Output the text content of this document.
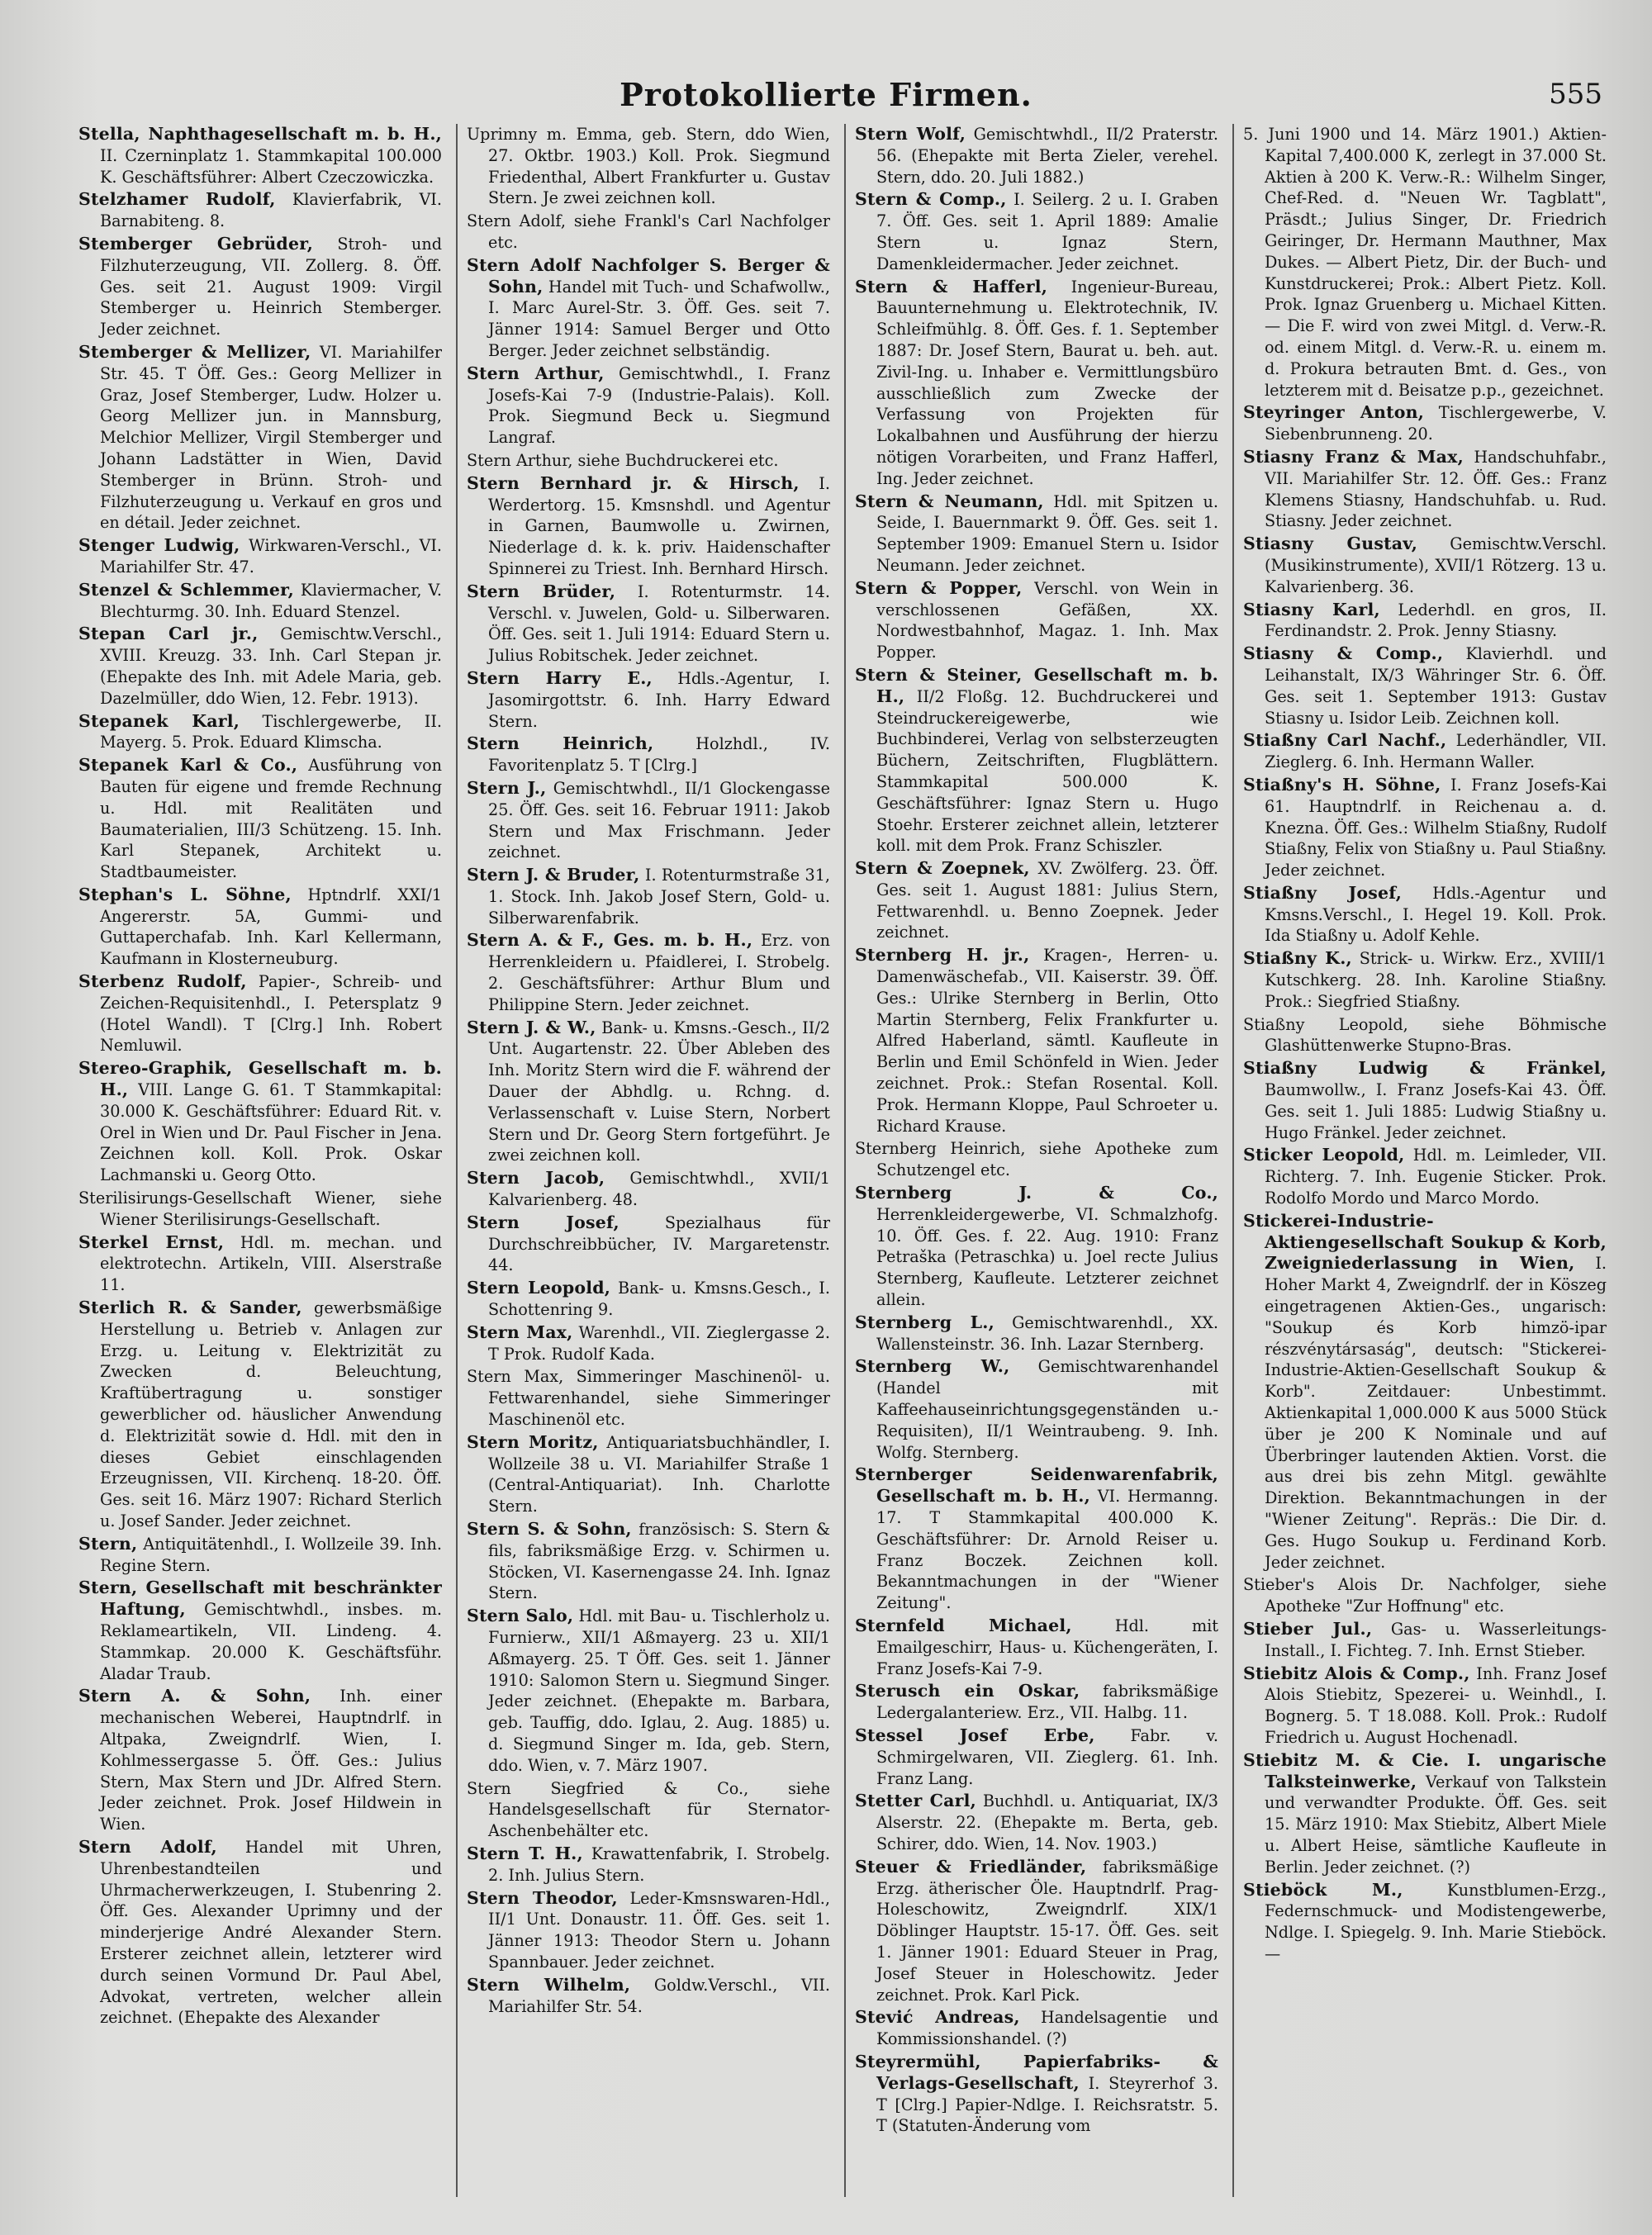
Protokollierte Firmen.	555

Stella, Naphthagesellschaft m. b. H., II. Czerninplatz 1. Stammkapital 100.000 K. Geschäftsführer: Albert Czeczowiczka.

Stelzhamer Rudolf, Klavierfabrik, VI. Barnabiteng. 8.

Stemberger Gebrüder, Stroh- und Filzhuterzeugung, VII. Zollerg. 8. Öff. Ges. seit 21. August 1909: Virgil Stemberger u. Heinrich Stemberger. Jeder zeichnet.

Stemberger & Mellizer, VI. Mariahilfer Str. 45. T Öff. Ges.: Georg Mellizer in Graz, Josef Stemberger, Ludw. Holzer u. Georg Mellizer jun. in Mannsburg, Melchior Mellizer, Virgil Stemberger und Johann Ladstätter in Wien, David Stemberger in Brünn. Stroh- und Filzhuterzeugung u. Verkauf en gros und en détail. Jeder zeichnet.

Stenger Ludwig, Wirkwaren-Verschl., VI. Mariahilfer Str. 47.

Stenzel & Schlemmer, Klaviermacher, V. Blechturmg. 30. Inh. Eduard Stenzel.

Stepan Carl jr., Gemischtw.Verschl., XVIII. Kreuzg. 33. Inh. Carl Stepan jr. (Ehepakte des Inh. mit Adele Maria, geb. Dazelmüller, ddo Wien, 12. Febr. 1913).

Stepanek Karl, Tischlergewerbe, II. Mayerg. 5. Prok. Eduard Klimscha.

Stepanek Karl & Co., Ausführung von Bauten für eigene und fremde Rechnung u. Hdl. mit Realitäten und Baumaterialien, III/3 Schützeng. 15. Inh. Karl Stepanek, Architekt u. Stadtbaumeister.

Stephan's L. Söhne, Hptndrlf. XXI/1 Angererstr. 5A, Gummi- und Guttaperchafab. Inh. Karl Kellermann, Kaufmann in Klosterneuburg.

Sterbenz Rudolf, Papier-, Schreib- und Zeichen-Requisitenhdl., I. Petersplatz 9 (Hotel Wandl). T [Clrg.] Inh. Robert Nemluwil.

Stereo-Graphik, Gesellschaft m. b. H., VIII. Lange G. 61. T Stammkapital: 30.000 K. Geschäftsführer: Eduard Rit. v. Orel in Wien und Dr. Paul Fischer in Jena. Zeichnen koll. Koll. Prok. Oskar Lachmanski u. Georg Otto.

Sterilisirungs-Gesellschaft Wiener, siehe Wiener Sterilisirungs-Gesellschaft.

Sterkel Ernst, Hdl. m. mechan. und elektrotechn. Artikeln, VIII. Alserstraße 11.

Sterlich R. & Sander, gewerbsmäßige Herstellung u. Betrieb v. Anlagen zur Erzg. u. Leitung v. Elektrizität zu Zwecken d. Beleuchtung, Kraftübertragung u. sonstiger gewerblicher od. häuslicher Anwendung d. Elektrizität sowie d. Hdl. mit den in dieses Gebiet einschlagenden Erzeugnissen, VII. Kirchenq. 18-20. Öff. Ges. seit 16. März 1907: Richard Sterlich u. Josef Sander. Jeder zeichnet.

Stern, Antiquitätenhdl., I. Wollzeile 39. Inh. Regine Stern.

Stern, Gesellschaft mit beschränkter Haftung, Gemischtwhdl., insbes. m. Reklameartikeln, VII. Lindeng. 4. Stammkap. 20.000 K. Geschäftsführ. Aladar Traub.

Stern A. & Sohn, Inh. einer mechanischen Weberei, Hauptndrlf. in Altpaka, Zweigndrlf. Wien, I. Kohlmessergasse 5. Öff. Ges.: Julius Stern, Max Stern und JDr. Alfred Stern. Jeder zeichnet. Prok. Josef Hildwein in Wien.

Stern Adolf, Handel mit Uhren, Uhrenbestandteilen und Uhrmacherwerkzeugen, I. Stubenring 2. Öff. Ges. Alexander Uprimny und der minderjerige André Alexander Stern. Ersterer zeichnet allein, letzterer wird durch seinen Vormund Dr. Paul Abel, Advokat, vertreten, welcher allein zeichnet. (Ehepakte des Alexander

Uprimny m. Emma, geb. Stern, ddo Wien, 27. Oktbr. 1903.) Koll. Prok. Siegmund Friedenthal, Albert Frankfurter u. Gustav Stern. Je zwei zeichnen koll.

Stern Adolf, siehe Frankl's Carl Nachfolger etc.

Stern Adolf Nachfolger S. Berger & Sohn, Handel mit Tuch- und Schafwollw., I. Marc Aurel-Str. 3. Öff. Ges. seit 7. Jänner 1914: Samuel Berger und Otto Berger. Jeder zeichnet selbständig.

Stern Arthur, Gemischtwhdl., I. Franz Josefs-Kai 7-9 (Industrie-Palais). Koll. Prok. Siegmund Beck u. Siegmund Langraf.

Stern Arthur, siehe Buchdruckerei etc.

Stern Bernhard jr. & Hirsch, I. Werdertorg. 15. Kmsnshdl. und Agentur in Garnen, Baumwolle u. Zwirnen, Niederlage d. k. k. priv. Haidenschafter Spinnerei zu Triest. Inh. Bernhard Hirsch.

Stern Brüder, I. Rotenturmstr. 14. Verschl. v. Juwelen, Gold- u. Silberwaren. Öff. Ges. seit 1. Juli 1914: Eduard Stern u. Julius Robitschek. Jeder zeichnet.

Stern Harry E., Hdls.-Agentur, I. Jasomirgottstr. 6. Inh. Harry Edward Stern.

Stern Heinrich,	Holzhdl., IV. Favoritenplatz 5. T [Clrg.]

Stern J., Gemischtwhdl., II/1 Glockengasse 25. Öff. Ges. seit 16. Februar 1911: Jakob Stern und Max Frischmann. Jeder zeichnet.

Stern J. & Bruder, I. Rotenturmstraße 31, 1. Stock. Inh. Jakob Josef Stern, Gold- u. Silberwarenfabrik.

Stern A. & F., Ges. m. b. H., Erz. von Herrenkleidern u. Pfaidlerei, I. Strobelg. 2. Geschäftsführer: Arthur Blum und Philippine Stern. Jeder zeichnet.

Stern J. & W., Bank- u. Kmsns.-Gesch., II/2 Unt. Augartenstr. 22. Über Ableben des Inh. Moritz Stern wird die F. während der Dauer der Abhdlg. u. Rchng. d. Verlassenschaft v. Luise Stern, Norbert Stern und Dr. Georg Stern fortgeführt. Je zwei zeichnen koll.

Stern Jacob, Gemischtwhdl., XVII/1 Kalvarienberg. 48.

Stern Josef,	Spezialhaus für Durchschreibbücher, IV. Margaretenstr. 44.

Stern Leopold, Bank- u. Kmsns.Gesch., I. Schottenring 9.

Stern Max, Warenhdl., VII. Zieglergasse 2. T Prok. Rudolf Kada.

Stern Max, Simmeringer Maschinenöl- u. Fettwarenhandel, siehe Simmeringer Maschinenöl etc.

Stern Moritz, Antiquariatsbuchhändler, I. Wollzeile 38 u. VI. Mariahilfer Straße 1 (Central-Antiquariat). Inh. Charlotte Stern.

Stern S. & Sohn, französisch: S. Stern & fils, fabriksmäßige Erzg. v. Schirmen u. Stöcken, VI. Kasernengasse 24. Inh. Ignaz Stern.

Stern Salo, Hdl. mit Bau- u. Tischlerholz u. Furnierw., XII/1 Aßmayerg. 23 u. XII/1 Aßmayerg. 25. T Öff. Ges. seit 1. Jänner 1910: Salomon Stern u. Siegmund Singer. Jeder zeichnet. (Ehepakte m. Barbara, geb. Tauffig, ddo. Iglau, 2. Aug. 1885) u. d. Siegmund Singer m. Ida, geb. Stern, ddo. Wien, v. 7. März 1907.

Stern Siegfried & Co., siehe Handelsgesellschaft für Sternator-Aschenbehälter etc.

Stern T. H., Krawattenfabrik, I. Strobelg. 2. Inh. Julius Stern.

Stern Theodor, Leder-Kmsnswaren-Hdl., II/1 Unt. Donaustr. 11. Öff. Ges. seit 1. Jänner 1913: Theodor Stern u. Johann Spannbauer. Jeder zeichnet.

Stern Wilhelm, Goldw.Verschl., VII. Mariahilfer Str. 54.

Stern Wolf, Gemischtwhdl., II/2 Praterstr. 56. (Ehepakte mit Berta Zieler, verehel. Stern, ddo. 20. Juli 1882.)

Stern & Comp., I. Seilerg. 2 u. I. Graben 7. Öff. Ges. seit 1. April 1889: Amalie Stern u. Ignaz Stern, Damenkleidermacher. Jeder zeichnet.

Stern & Hafferl, Ingenieur-Bureau, Bauunternehmung u. Elektrotechnik, IV. Schleifmühlg. 8. Öff. Ges. f. 1. September 1887: Dr. Josef Stern, Baurat u. beh. aut. Zivil-Ing. u. Inhaber e. Vermittlungsbüro ausschließlich zum Zwecke der Verfassung von Projekten für Lokalbahnen und Ausführung der hierzu nötigen Vorarbeiten, und Franz Hafferl, Ing. Jeder zeichnet.

Stern & Neumann, Hdl. mit Spitzen u. Seide, I. Bauernmarkt 9. Öff. Ges. seit 1. September 1909: Emanuel Stern u. Isidor Neumann. Jeder zeichnet.

Stern & Popper, Verschl. von Wein in verschlossenen Gefäßen, XX. Nordwestbahnhof, Magaz. 1. Inh. Max Popper.

Stern & Steiner, Gesellschaft m. b. H., II/2 Floßg. 12. Buchdruckerei und Steindruckereigewerbe, wie Buchbinderei, Verlag von selbsterzeugten Büchern, Zeitschriften, Flugblättern. Stammkapital 500.000 K. Geschäftsführer: Ignaz Stern u. Hugo Stoehr. Ersterer zeichnet allein, letzterer koll. mit dem Prok. Franz Schiszler.

Stern & Zoepnek, XV. Zwölferg. 23. Öff. Ges. seit 1. August 1881: Julius Stern, Fettwarenhdl. u. Benno Zoepnek. Jeder zeichnet.

Sternberg H. jr., Kragen-, Herren- u. Damenwäschefab., VII. Kaiserstr. 39. Öff. Ges.: Ulrike Sternberg in Berlin, Otto Martin Sternberg, Felix Frankfurter u. Alfred Haberland, sämtl. Kaufleute in Berlin und Emil Schönfeld in Wien. Jeder zeichnet. Prok.: Stefan Rosental. Koll. Prok. Hermann Kloppe, Paul Schroeter u. Richard Krause.

Sternberg Heinrich, siehe Apotheke zum Schutzengel etc.

Sternberg J. & Co., Herrenkleidergewerbe, VI. Schmalzhofg. 10. Öff. Ges. f. 22. Aug. 1910: Franz Petraška (Petraschka) u. Joel recte Julius Sternberg, Kaufleute. Letzterer zeichnet allein.

Sternberg L., Gemischtwarenhdl., XX. Wallensteinstr. 36. Inh. Lazar Sternberg.

Sternberg W., Gemischtwarenhandel (Handel mit Kaffeehauseinrichtungsgegenständen u.-Requisiten), II/1 Weintraubeng. 9. Inh. Wolfg. Sternberg.

Sternberger Seidenwarenfabrik, Gesellschaft m. b. H., VI. Hermanng. 17. T Stammkapital 400.000 K. Geschäftsführer: Dr. Arnold Reiser u. Franz Boczek. Zeichnen koll. Bekanntmachungen in der "Wiener Zeitung".

Sternfeld Michael,	Hdl. mit Emailgeschirr, Haus- u. Küchengeräten, I. Franz Josefs-Kai 7-9.

Sterusch ein Oskar, fabriksmäßige Ledergalanteriew. Erz., VII. Halbg. 11.

Stessel Josef Erbe, Fabr. v. Schmirgelwaren, VII. Zieglerg. 61. Inh. Franz Lang.

Stetter Carl, Buchhdl. u. Antiquariat, IX/3 Alserstr. 22. (Ehepakte m. Berta, geb. Schirer, ddo. Wien, 14. Nov. 1903.)

Steuer & Friedländer, fabriksmäßige Erzg. ätherischer Öle. Hauptndrlf. Prag-Holeschowitz, Zweigndrlf. XIX/1 Döblinger Hauptstr. 15-17. Öff. Ges. seit 1. Jänner 1901: Eduard Steuer in Prag, Josef Steuer in Holeschowitz. Jeder zeichnet. Prok. Karl Pick.

Stević Andreas, Handelsagentie und Kommissionshandel. (?)

Steyrermühl, Papierfabriks- & Verlags-Gesellschaft, I. Steyrerhof 3. T [Clrg.] Papier-Ndlge. I. Reichsratstr. 5. T (Statuten-Änderung vom

5. Juni 1900 und 14. März 1901.) Aktien-Kapital 7,400.000 K, zerlegt in 37.000 St. Aktien à 200 K. Verw.-R.: Wilhelm Singer, Chef-Red. d. "Neuen Wr. Tagblatt", Präsdt.; Julius Singer, Dr. Friedrich Geiringer, Dr. Hermann Mauthner, Max Dukes. — Albert Pietz, Dir. der Buch- und Kunstdruckerei; Prok.: Albert Pietz. Koll. Prok. Ignaz Gruenberg u. Michael Kitten. — Die F. wird von zwei Mitgl. d. Verw.-R. od. einem Mitgl. d. Verw.-R. u. einem m. d. Prokura betrauten Bmt. d. Ges., von letzterem mit d. Beisatze p.p., gezeichnet.

Steyringer Anton, Tischlergewerbe, V. Siebenbrunneng. 20.

Stiasny Franz & Max, Handschuhfabr., VII. Mariahilfer Str. 12. Öff. Ges.: Franz Klemens Stiasny, Handschuhfab. u. Rud. Stiasny. Jeder zeichnet.

Stiasny Gustav, Gemischtw.Verschl. (Musikinstrumente), XVII/1 Rötzerg. 13 u. Kalvarienberg. 36.

Stiasny Karl, Lederhdl. en gros, II. Ferdinandstr. 2. Prok. Jenny Stiasny.

Stiasny & Comp., Klavierhdl. und Leihanstalt, IX/3 Währinger Str. 6. Öff. Ges. seit 1. September 1913: Gustav Stiasny u. Isidor Leib. Zeichnen koll.

Stiaßny Carl Nachf., Lederhändler, VII. Zieglerg. 6. Inh. Hermann Waller.

Stiaßny's H. Söhne, I. Franz Josefs-Kai 61. Hauptndrlf. in Reichenau a. d. Knezna. Öff. Ges.: Wilhelm Stiaßny, Rudolf Stiaßny, Felix von Stiaßny u. Paul Stiaßny. Jeder zeichnet.

Stiaßny Josef, Hdls.-Agentur und Kmsns.Verschl., I. Hegel 19. Koll. Prok. Ida Stiaßny u. Adolf Kehle.

Stiaßny K., Strick- u. Wirkw. Erz., XVIII/1 Kutschkerg. 28. Inh. Karoline Stiaßny. Prok.: Siegfried Stiaßny.

Stiaßny Leopold, siehe Böhmische Glashüttenwerke Stupno-Bras.

Stiaßny Ludwig & Fränkel, Baumwollw., I. Franz Josefs-Kai 43. Öff. Ges. seit 1. Juli 1885: Ludwig Stiaßny u. Hugo Fränkel. Jeder zeichnet.

Sticker Leopold, Hdl. m. Leimleder, VII. Richterg. 7. Inh. Eugenie Sticker. Prok. Rodolfo Mordo und Marco Mordo.

Stickerei-Industrie-Aktiengesellschaft Soukup & Korb, Zweigniederlassung in Wien, I. Hoher Markt 4, Zweigndrlf. der in Köszeg eingetragenen Aktien-Ges., ungarisch: "Soukup és Korb himzö-ipar részvénytársaság", deutsch: "Stickerei-Industrie-Aktien-Gesellschaft Soukup & Korb". Zeitdauer: Unbestimmt. Aktienkapital 1,000.000 K aus 5000 Stück über je 200 K Nominale und auf Überbringer lautenden Aktien. Vorst. die aus drei bis zehn Mitgl. gewählte Direktion. Bekanntmachungen in der "Wiener Zeitung". Repräs.: Die Dir. d. Ges. Hugo Soukup u. Ferdinand Korb. Jeder zeichnet.

Stieber's Alois Dr. Nachfolger, siehe Apotheke "Zur Hoffnung" etc.

Stieber Jul., Gas- u. Wasserleitungs-Install., I. Fichteg. 7. Inh. Ernst Stieber.

Stiebitz Alois & Comp., Inh. Franz Josef Alois Stiebitz, Spezerei- u. Weinhdl., I. Bognerg. 5. T 18.088. Koll. Prok.: Rudolf Friedrich u. August Hochenadl.

Stiebitz M. & Cie. I. ungarische Talksteinwerke, Verkauf von Talkstein und verwandter Produkte. Öff. Ges. seit 15. März 1910: Max Stiebitz, Albert Miele u. Albert Heise, sämtliche Kaufleute in Berlin. Jeder zeichnet. (?)

Stieböck M.,	Kunstblumen-Erzg., Federnschmuck- und Modistengewerbe, Ndlge. I. Spiegelg. 9. Inh. Marie Stieböck. —
